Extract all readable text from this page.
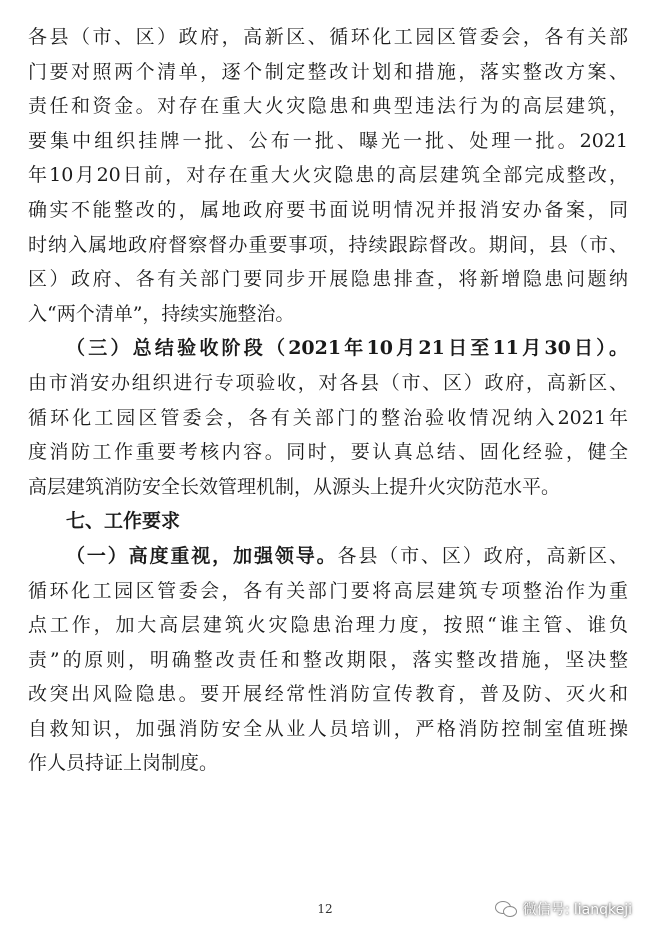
各县（市、区）政府，高新区、循环化工园区管委会，各有关部
门要对照两个清单，逐个制定整改计划和措施，落实整改方案、
责任和资金。对存在重大火灾隐患和典型违法行为的高层建筑，
要集中组织挂牌一批、公布一批、曝光一批、处理一批。2021
年10月20日前，对存在重大火灾隐患的高层建筑全部完成整改，
确实不能整改的，属地政府要书面说明情况并报消安办备案，同
时纳入属地政府督察督办重要事项，持续跟踪督改。期间，县（市、
区）政府、各有关部门要同步开展隐患排查，将新增隐患问题纳
入“两个清单”，持续实施整治。
（三）总结验收阶段（2021年10月21日至11月30日）。
由市消安办组织进行专项验收，对各县（市、区）政府，高新区、
循环化工园区管委会，各有关部门的整治验收情况纳入2021年
度消防工作重要考核内容。同时，要认真总结、固化经验，健全
高层建筑消防安全长效管理机制，从源头上提升火灾防范水平。
七、工作要求
（一）高度重视，加强领导。各县（市、区）政府，高新区、
循环化工园区管委会，各有关部门要将高层建筑专项整治作为重
点工作，加大高层建筑火灾隐患治理力度，按照“谁主管、谁负
责”的原则，明确整改责任和整改期限，落实整改措施，坚决整
改突出风险隐患。要开展经常性消防宣传教育，普及防、灭火和
自救知识，加强消防安全从业人员培训，严格消防控制室值班操
作人员持证上岗制度。
12	微信号: lianqkeji
